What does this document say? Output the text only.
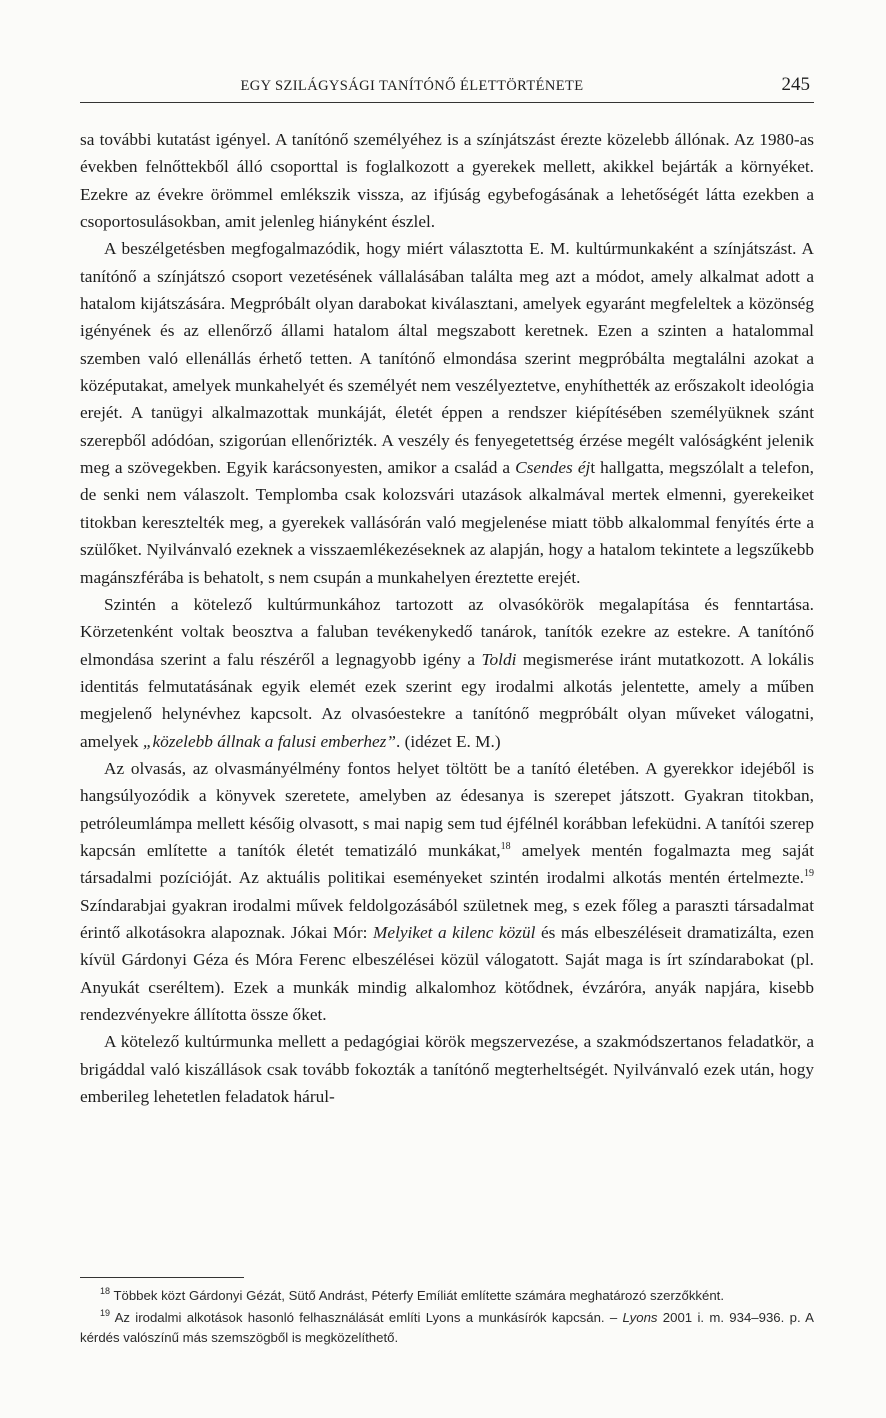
EGY SZILÁGYSÁGI TANÍTÓNŐ ÉLETTÖRTÉNETE	245

sa további kutatást igényel. A tanítónő személyéhez is a színjátszást érezte közelebb állónak. Az 1980-as években felnőttekből álló csoporttal is foglalkozott a gyerekek mellett, akikkel bejárták a környéket. Ezekre az évekre örömmel emlékszik vissza, az ifjúság egybefogásának a lehetőségét látta ezekben a csoportosulásokban, amit jelenleg hiányként észlel.

A beszélgetésben megfogalmazódik, hogy miért választotta E. M. kultúrmunkaként a színjátszást. A tanítónő a színjátszó csoport vezetésének vállalásában találta meg azt a módot, amely alkalmat adott a hatalom kijátszására. Megpróbált olyan darabokat kiválasztani, amelyek egyaránt megfeleltek a közönség igényének és az ellenőrző állami hatalom által megszabott keretnek. Ezen a szinten a hatalommal szemben való ellenállás érhető tetten. A tanítónő elmondása szerint megpróbálta megtalálni azokat a középutakat, amelyek munkahelyét és személyét nem veszélyeztetve, enyhíthették az erőszakolt ideológia erejét. A tanügyi alkalmazottak munkáját, életét éppen a rendszer kiépítésében személyüknek szánt szerepből adódóan, szigorúan ellenőrizték. A veszély és fenyegetettség érzése megélt valóságként jelenik meg a szövegekben. Egyik karácsonyesten, amikor a család a Csendes éjt hallgatta, megszólalt a telefon, de senki nem válaszolt. Templomba csak kolozsvári utazások alkalmával mertek elmenni, gyerekeiket titokban keresztelték meg, a gyerekek vallásórán való megjelenése miatt több alkalommal fenyítés érte a szülőket. Nyilvánvaló ezeknek a visszaemlékezéseknek az alapján, hogy a hatalom tekintete a legszűkebb magánszférába is behatolt, s nem csupán a munkahelyen éreztette erejét.

Szintén a kötelező kultúrmunkához tartozott az olvasókörök megalapítása és fenntartása. Körzetenként voltak beosztva a faluban tevékenykedő tanárok, tanítók ezekre az estekre. A tanítónő elmondása szerint a falu részéről a legnagyobb igény a Toldi megismerése iránt mutatkozott. A lokális identitás felmutatásának egyik elemét ezek szerint egy irodalmi alkotás jelentette, amely a műben megjelenő helynévhez kapcsolt. Az olvasóestekre a tanítónő megpróbált olyan műveket válogatni, amelyek „közelebb állnak a falusi emberhez”. (idézet E. M.)

Az olvasás, az olvasmányélmény fontos helyet töltött be a tanító életében. A gyerekkor idejéből is hangsúlyozódik a könyvek szeretete, amelyben az édesanya is szerepet játszott. Gyakran titokban, petróleumlámpa mellett későig olvasott, s mai napig sem tud éjfélnél korábban lefeküdni. A tanítói szerep kapcsán említette a tanítók életét tematizáló munkákat,$^{18}$ amelyek mentén fogalmazta meg saját társadalmi pozícióját. Az aktuális politikai eseményeket szintén irodalmi alkotás mentén értelmezte.$^{19}$ Színdarabjai gyakran irodalmi művek feldolgozásából születnek meg, s ezek főleg a paraszti társadalmat érintő alkotásokra alapoznak. Jókai Mór: Melyiket a kilenc közül és más elbeszéléseit dramatizálta, ezen kívül Gárdonyi Géza és Móra Ferenc elbeszélései közül válogatott. Saját maga is írt színdarabokat (pl. Anyukát cseréltem). Ezek a munkák mindig alkalomhoz kötődnek, évzáróra, anyák napjára, kisebb rendezvényekre állította össze őket.

A kötelező kultúrmunka mellett a pedagógiai körök megszervezése, a szakmódszertanos feladatkör, a brigáddal való kiszállások csak tovább fokozták a tanítónő megterheltségét. Nyilvánvaló ezek után, hogy emberileg lehetetlen feladatok hárul-

$^{18}$ Többek közt Gárdonyi Gézát, Sütő Andrást, Péterfy Emíliát említette számára meghatározó szerzőkként.

$^{19}$ Az irodalmi alkotások hasonló felhasználását említi Lyons a munkásírók kapcsán. – Lyons 2001 i. m. 934–936. p. A kérdés valószínű más szemszögből is megközelíthető.
